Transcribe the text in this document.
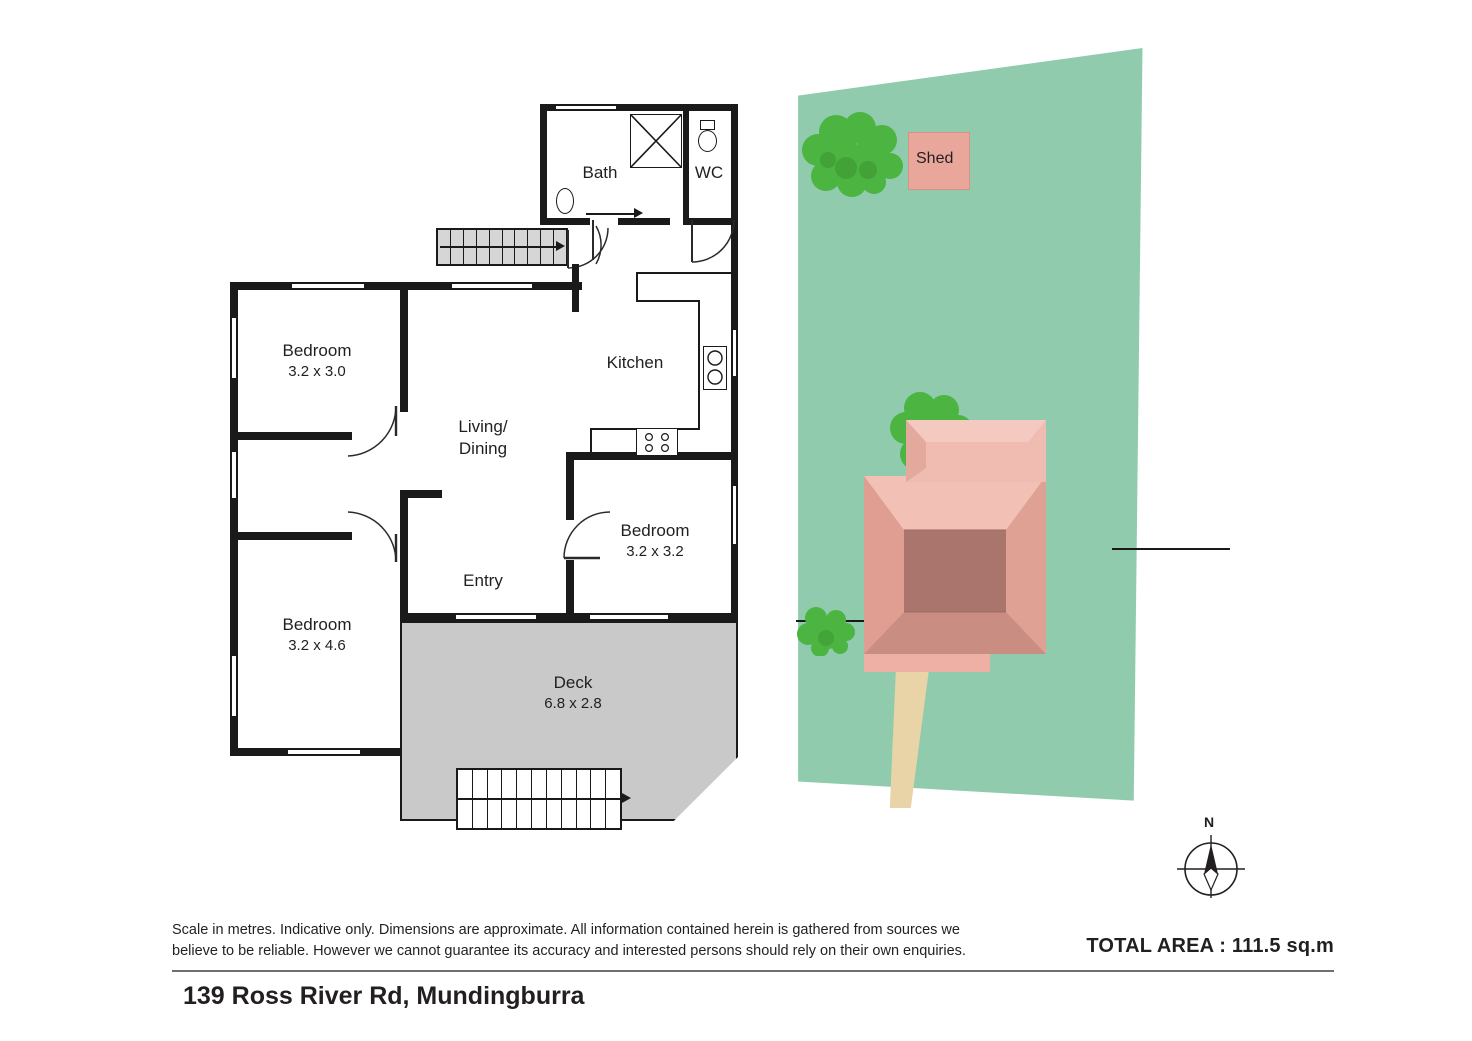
Bath	WC
Bedroom
3.2 x 3.0	Kitchen
Living/
Dining
Bedroom
3.2 x 3.2
Entry
Bedroom
3.2 x 4.6
Deck
6.8 x 2.8
Shed
N
Scale in metres. Indicative only. Dimensions are approximate. All information contained herein is gathered from sources we believe to be reliable. However we cannot guarantee its accuracy and interested persons should rely on their own enquiries.	TOTAL AREA : 111.5 sq.m
139 Ross River Rd, Mundingburra
